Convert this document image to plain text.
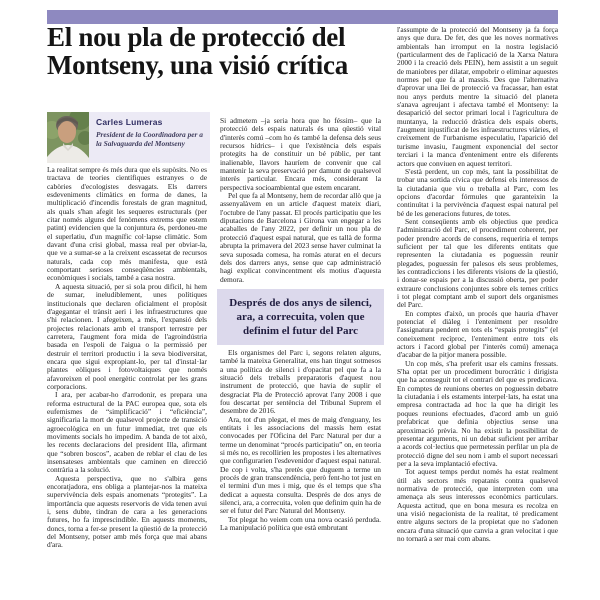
El nou pla de protecció del Montseny, una visió crítica
Carles Lumeras
President de la Coordinadora per a la Salvaguarda del Montseny

La realitat sempre és més dura que els supòsits. No es tractava de teories científiques estranyes o de cabòries d'ecologistes desvagats. Els darrers esdeveniments climàtics en forma de danes, la multiplicació d'incendis forestals de gran magnitud, als quals s'han afegit les sequeres estructurals (per citar només alguns del fenòmens extrems que estem patint) evidencien que la conjuntura és, perdoneu-me el superlatiu, d'un magnífic col·lapse climàtic. Som davant d'una crisi global, massa real per obviar-la, que ve a sumar-se a la creixent escassetat de recursos naturals, cada cop més manifesta, que està comportant serioses conseqüències ambientals, econòmiques i socials, també a casa nostra.

A aquesta situació, per si sola prou difícil, hi hem de sumar, ineludiblement, unes polítiques institucionals que declaren oficialment el propòsit d'agegantar el trànsit aeri i les infraestructures que s'hi relacionen. I afegeixen, a més, l'expansió dels projectes relacionats amb el transport terrestre per carretera, l'augment fora mida de l'agroindústria basada en l'espoli de l'aigua o la permissió per destruir el territori productiu i la seva biodiversitat, encara que sigui expropiant-lo, per tal d'instal·lar plantes eòliques i fotovoltaiques que només afavoreixen el pool energètic controlat per les grans corporacions.

I ara, per acabar-ho d'arrodonir, es prepara una reforma estructural de la PAC europea que, sota els eufemismes de “simplificació” i “eficiència”, significaria la mort de qualsevol projecte de transició agroecològica en un futur immediat, tret que els moviments socials ho impedim. A banda de tot això, les recents declaracions del president Illa, afirmant que “sobren boscos”, acaben de reblar el clau de les insensateses ambientals que caminen en direcció contrària a la solució.

Aquesta perspectiva, que no s'albira gens encoratjadora, ens obliga a plantejar-nos la mateixa supervivència dels espais anomenats “protegits”. La importància que aquests reservoris de vida tenen avui i, sens dubte, tindran de cara a les generacions futures, ho fa imprescindible. En aquests moments, doncs, torna a fer-se present la qüestió de la protecció del Montseny, potser amb més força que mai abans d'ara.

Si admetem –ja seria hora que ho féssim– que la protecció dels espais naturals és una qüestió vital d'interès comú –com ho és també la defensa dels seus recursos hídrics– i que l'existència dels espais protegits ha de constituir un bé públic, per tant inalienable, llavors hauríem de convenir que cal mantenir la seva preservació per damunt de qualsevol interès particular. Encara més, considerant la perspectiva socioambiental que estem encarant.

Pel que fa al Montseny, hem de recordar allò que ja assenyalàvem en un article d'aquest mateix diari, l'octubre de l'any passat. El procés participatiu que les diputacions de Barcelona i Girona van engegar a les acaballes de l'any 2022, per definir un nou pla de protecció d'aquest espai natural, que es tallà de forma abrupta la primavera del 2023 sense haver culminat la seva suposada comesa, ha romàs aturat en el decurs dels dos darrers anys, sense que cap administració hagi explicat convincentment els motius d'aquesta demora.

Després de dos anys de silenci, ara, a correcuita, volen que definim el futur del Parc

Els organismes del Parc i, segons relaten alguns, també la mateixa Generalitat, ens han tingut sotmesos a una política de silenci i d'opacitat pel que fa a la situació dels treballs preparatoris d'aquest nou instrument de protecció, que havia de suplir el desgraciat Pla de Protecció aprovat l'any 2008 i que fou descartat per sentència del Tribunal Suprem el desembre de 2016.

Ara, tot d'un plegat, el mes de maig d'enguany, les entitats i les associacions del massís hem estat convocades per l'Oficina del Parc Natural per dur a terme un denominat “procés participatiu” on, en teoria si més no, es recollirien les propostes i les alternatives que configurarien l'esdevenidor d'aquest espai natural. De cop i volta, s'ha pretès que duguem a terme un procés de gran transcendència, però fent-ho tot just en el termini d'un mes i mig, que és el temps que s'ha dedicat a aquesta consulta. Després de dos anys de silenci, ara, a correcuita, volen que definim quin ha de ser el futur del Parc Natural del Montseny.

Tot plegat ho veiem com una nova ocasió perduda. La manipulació política que està embrutant

l'assumpte de la protecció del Montseny ja fa força anys que dura. De fet, des que les noves normatives ambientals han irromput en la nostra legislació (particularment des de l'aplicació de la Xarxa Natura 2000 i la creació dels PEIN), hem assistit a un seguit de maniobres per dilatar, empobrir o eliminar aquestes normes pel que fa al massís. Des que l'alternativa d'aprovar una llei de protecció va fracassar, han estat nou anys perduts mentre la situació del planeta s'anava agreujant i afectava també el Montseny: la desaparició del sector primari local i l'agricultura de muntanya, la reducció dràstica dels espais oberts, l'augment injustificat de les infraestructures viàries, el creixement de l'urbanisme especulatiu, l'aparició del turisme invasiu, l'augment exponencial del sector terciari i la manca d'enteniment entre els diferents actors que conviuen en aquest territori.

S'està perdent, un cop més, tant la possibilitat de trobar una sortida cívica que defensi els interessos de la ciutadania que viu o treballa al Parc, com les opcions d'acordar fórmules que garanteixin la continuïtat i la pervivència d'aquest espai natural pel bé de les generacions futures, de totes.

Sent conseqüents amb els objectius que predica l'administració del Parc, el procediment coherent, per poder prendre acords de consens, requeriria el temps suficient per tal que les diferents entitats que representen la ciutadania es poguessin reunir plegades, poguessin fer palesos els seus problemes, les contradiccions i les diferents visions de la qüestió, i donar-se espais per a la discussió oberta, per poder extraure conclusions conjuntes sobre els temes crítics i tot plegat comptant amb el suport dels organismes del Parc.

En comptes d'això, un procés que hauria d'haver potenciat el diàleg i l'enteniment per resoldre l'assignatura pendent en tots els “espais protegits” (el coneixement recíproc, l'enteniment entre tots els actors i l'acord global per l'interès comú) amenaça d'acabar de la pitjor manera possible.

Un cop més, s'ha preferit usar els camins fressats. S'ha optat per un procediment burocràtic i dirigista que ha aconseguit tot el contrari del que es predicava. En comptes de reunions obertes on poguessin debatre la ciutadania i els estaments interpel·lats, ha estat una empresa contractada ad hoc la que ha dirigit les poques reunions efectuades, d'acord amb un guió prefabricat que definia objectius sense una aproximació prèvia. No ha existit la possibilitat de presentar arguments, ni un debat suficient per arribar a acords col·lectius que permetessin perfilar un pla de protecció digne del seu nom i amb el suport necessari per a la seva implantació efectiva.

Tot aquest temps perdut només ha estat realment útil als sectors més repatanis contra qualsevol normativa de protecció, que interpreten com una amenaça als seus interessos econòmics particulars. Aquesta actitud, que en bona mesura es recolza en una visió negacionista de la realitat, té predicament entre alguns sectors de la propietat que no s'adonen encara d'una situació que canvia a gran velocitat i que no tornarà a ser mai com abans.
